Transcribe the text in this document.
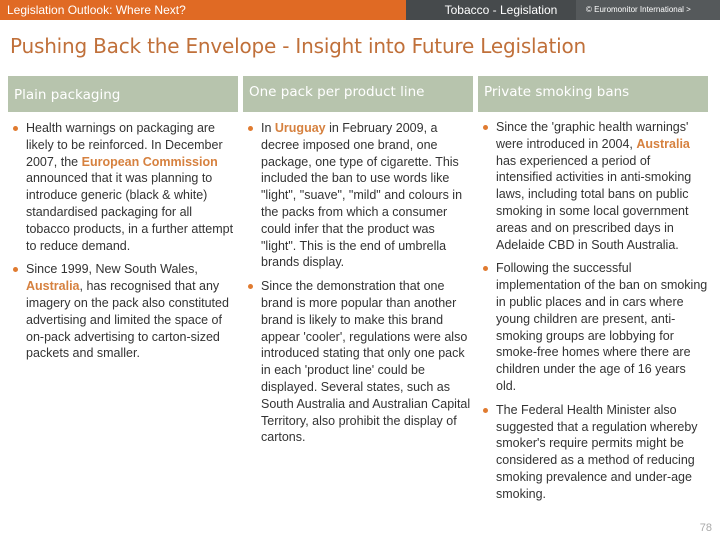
Legislation Outlook: Where Next?	Tobacco - Legislation	© Euromonitor International >
Pushing Back the Envelope - Insight into Future Legislation
Plain packaging
Health warnings on packaging are likely to be reinforced. In December 2007, the European Commission announced that it was planning to introduce generic (black & white) standardised packaging for all tobacco products, in a further attempt to reduce demand.
Since 1999, New South Wales, Australia, has recognised that any imagery on the pack also constituted advertising and limited the space of on-pack advertising to carton-sized packets and smaller.
One pack per product line
In Uruguay in February 2009, a decree imposed one brand, one package, one type of cigarette. This included the ban to use words like "light", "suave", "mild" and colours in the packs from which a consumer could infer that the product was "light". This is the end of umbrella brands display.
Since the demonstration that one brand is more popular than another brand is likely to make this brand appear 'cooler', regulations were also introduced stating that only one pack in each 'product line' could be displayed. Several states, such as South Australia and Australian Capital Territory, also prohibit the display of cartons.
Private smoking bans
Since the 'graphic health warnings' were introduced in 2004, Australia has experienced a period of intensified activities in anti-smoking laws, including total bans on public smoking in some local government areas and on prescribed days in Adelaide CBD in South Australia.
Following the successful implementation of the ban on smoking in public places and in cars where young children are present, anti-smoking groups are lobbying for smoke-free homes where there are children under the age of 16 years old.
The Federal Health Minister also suggested that a regulation whereby smoker's require permits might be considered as a method of reducing smoking prevalence and under-age smoking.
78
